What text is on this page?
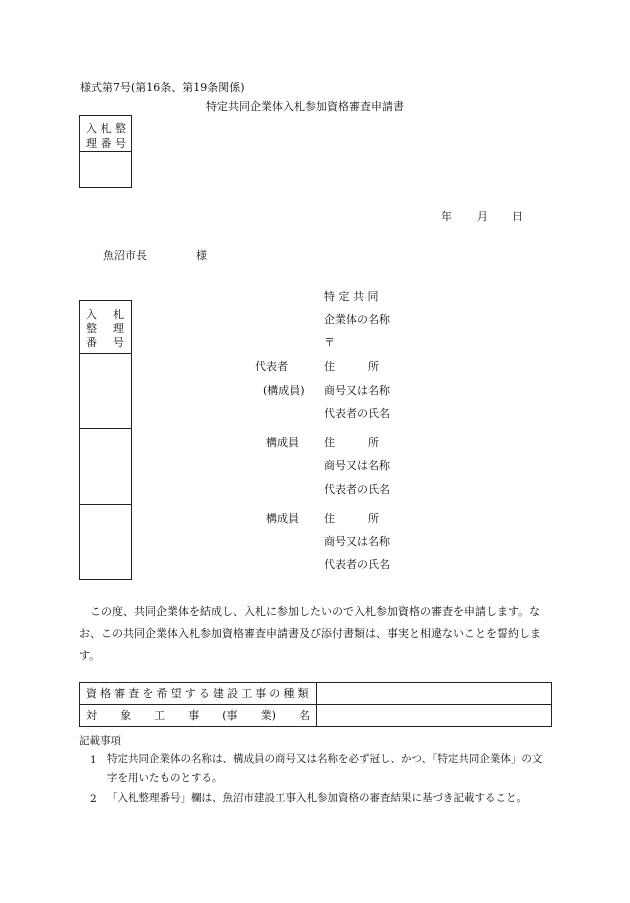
様式第7号(第16条、第19条関係)
特定共同企業体入札参加資格審査申請書
入 札 整
理 番 号
年 月 日
魚沼市長	様
入 札
整 理
番 号
特 定 共 同
企業体の名称
〒
代表者
(構成員)
住　　　所
商号又は名称
代表者の氏名
構成員 住　　　所
商号又は名称
代表者の氏名
構成員 住　　　所
商号又は名称
代表者の氏名
この度、共同企業体を結成し、入札に参加したいので入札参加資格の審査を申請します。なお、この共同企業体入札参加資格審査申請書及び添付書類は、事実と相違ないことを誓約します。
資格審査を希望する建設工事の種類
対 象 工 事 (事 業) 名
記載事項
1 特定共同企業体の名称は、構成員の商号又は名称を必ず冠し、かつ、「特定共同企業体」の文字を用いたものとする。
2 「入札整理番号」欄は、魚沼市建設工事入札参加資格の審査結果に基づき記載すること。
